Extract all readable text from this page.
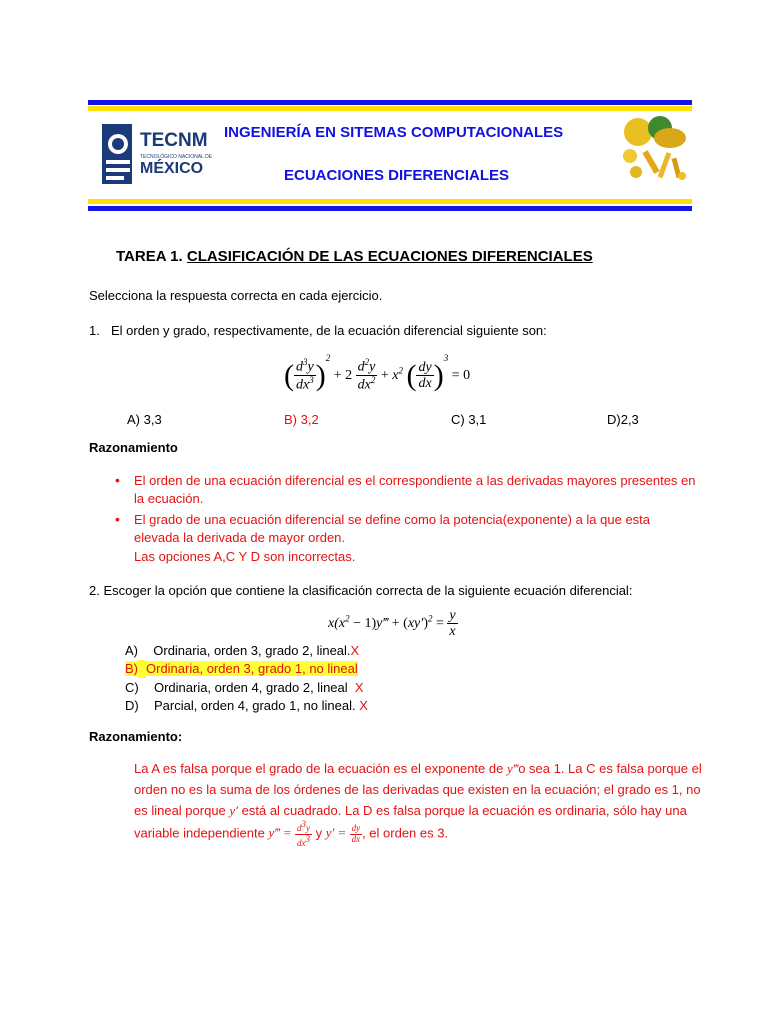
TECNM
TECNOLÓGICO NACIONAL DE
MÉXICO
INGENIERÍA EN SITEMAS COMPUTACIONALES
ECUACIONES DIFERENCIALES
TAREA 1. CLASIFICACIÓN DE LAS ECUACIONES DIFERENCIALES
Selecciona la respuesta correcta en cada ejercicio.
1. El orden y grado, respectivamente, de la ecuación diferencial siguiente son:
( $\frac{d^3y}{dx^3} )^2 + 2 \frac{d^2y}{dx^2} + x^2$ ( $\frac{dy}{dx} )^3 = 0$
A) 3,3	B) 3,2	C) 3,1	D)2,3
Razonamiento
• El orden de una ecuación diferencial es el correspondiente a las derivadas mayores presentes en
la ecuación.
• El grado de una ecuación diferencial se define como la potencia(exponente) a la que esta
elevada la derivada de mayor orden.
Las opciones A,C Y D son incorrectas.
2. Escoger la opción que contiene la clasificación correcta de la siguiente ecuación diferencial:
$x(x^2$ − 1)y‴ + $(xy')^2 = \frac{y}{x}$
A) Ordinaria, orden 3, grado 2, lineal.X
B) Ordinaria, orden 3, grado 1, no lineal
C) Ordinaria, orden 4, grado 2, lineal X
D) Parcial, orden 4, grado 1, no lineal. X
Razonamiento:
La A es falsa porque el grado de la ecuación es el exponente de y‴o sea 1. La C es falsa porque el
orden no es la suma de los órdenes de las derivadas que existen en la ecuación; el grado es 1, no
es lineal porque y′ está al cuadrado. La D es falsa porque la ecuación es ordinaria, sólo hay una
variable independiente y‴ = $\frac{d^3y}{dx^3}$ y $y' = \frac{dy}{dx}$ , el orden es 3.
